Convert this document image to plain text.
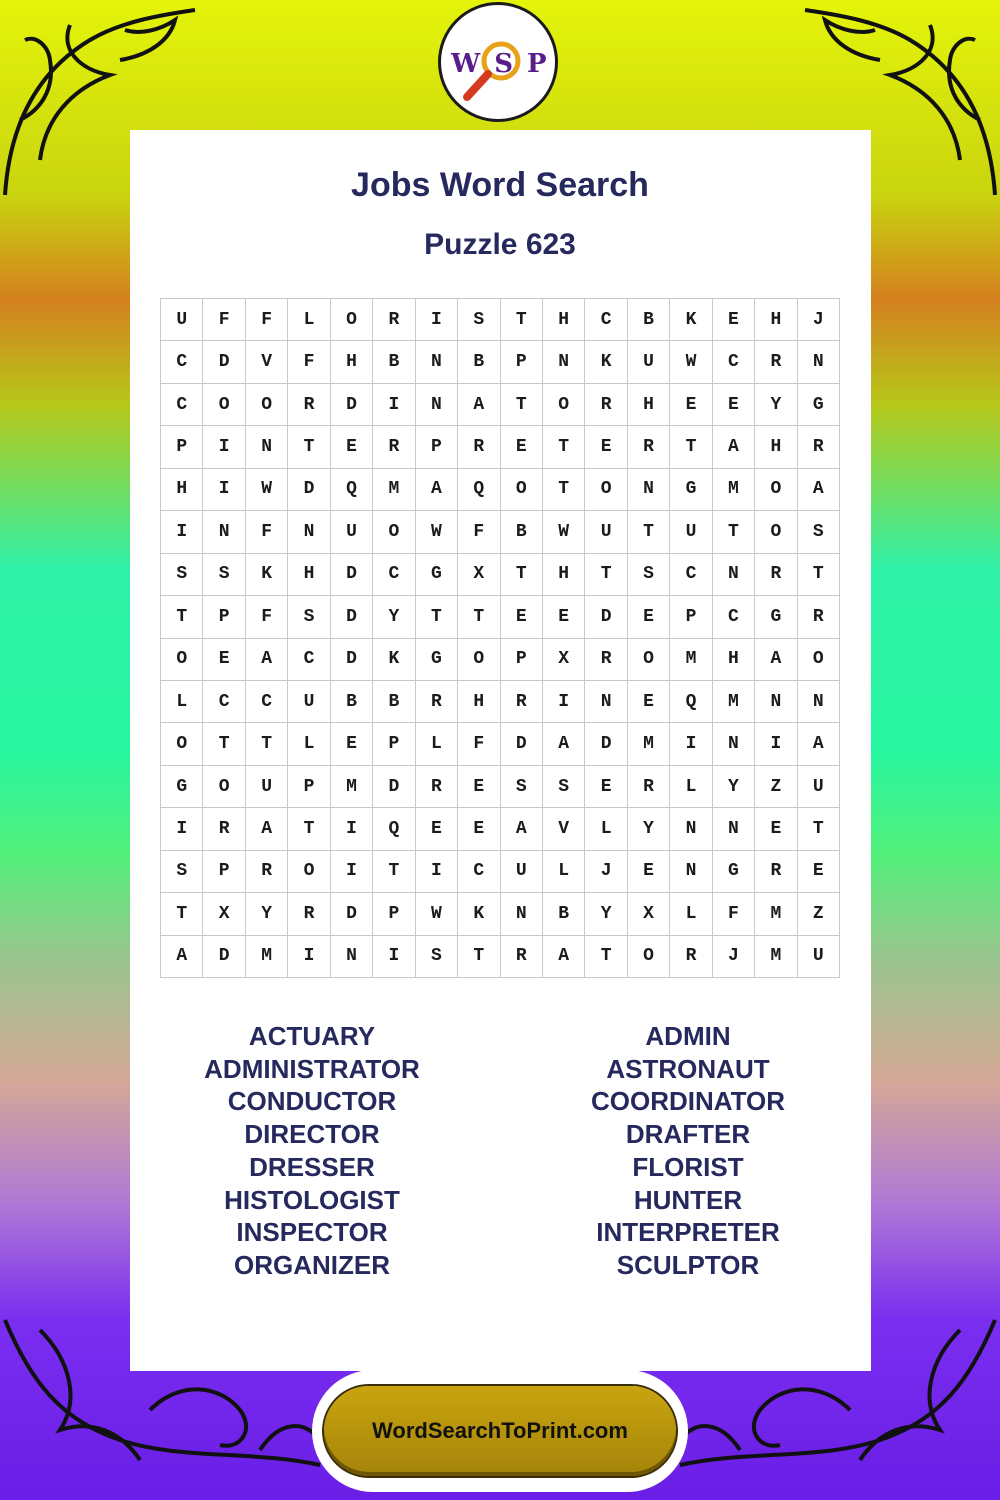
WSP
Jobs Word Search
Puzzle 623
U	F	F	L	O	R	I	S	T	H	C	B	K	E	H	J
C	D	V	F	H	B	N	B	P	N	K	U	W	C	R	N
C	O	O	R	D	I	N	A	T	O	R	H	E	E	Y	G
P	I	N	T	E	R	P	R	E	T	E	R	T	A	H	R
H	I	W	D	Q	M	A	Q	O	T	O	N	G	M	O	A
I	N	F	N	U	O	W	F	B	W	U	T	U	T	O	S
S	S	K	H	D	C	G	X	T	H	T	S	C	N	R	T
T	P	F	S	D	Y	T	T	E	E	D	E	P	C	G	R
O	E	A	C	D	K	G	O	P	X	R	O	M	H	A	O
L	C	C	U	B	B	R	H	R	I	N	E	Q	M	N	N
O	T	T	L	E	P	L	F	D	A	D	M	I	N	I	A
G	O	U	P	M	D	R	E	S	S	E	R	L	Y	Z	U
I	R	A	T	I	Q	E	E	A	V	L	Y	N	N	E	T
S	P	R	O	I	T	I	C	U	L	J	E	N	G	R	E
T	X	Y	R	D	P	W	K	N	B	Y	X	L	F	M	Z
A	D	M	I	N	I	S	T	R	A	T	O	R	J	M	U
ACTUARY
ADMINISTRATOR
CONDUCTOR
DIRECTOR
DRESSER
HISTOLOGIST
INSPECTOR
ORGANIZER
ADMIN
ASTRONAUT
COORDINATOR
DRAFTER
FLORIST
HUNTER
INTERPRETER
SCULPTOR
WordSearchToPrint.com
